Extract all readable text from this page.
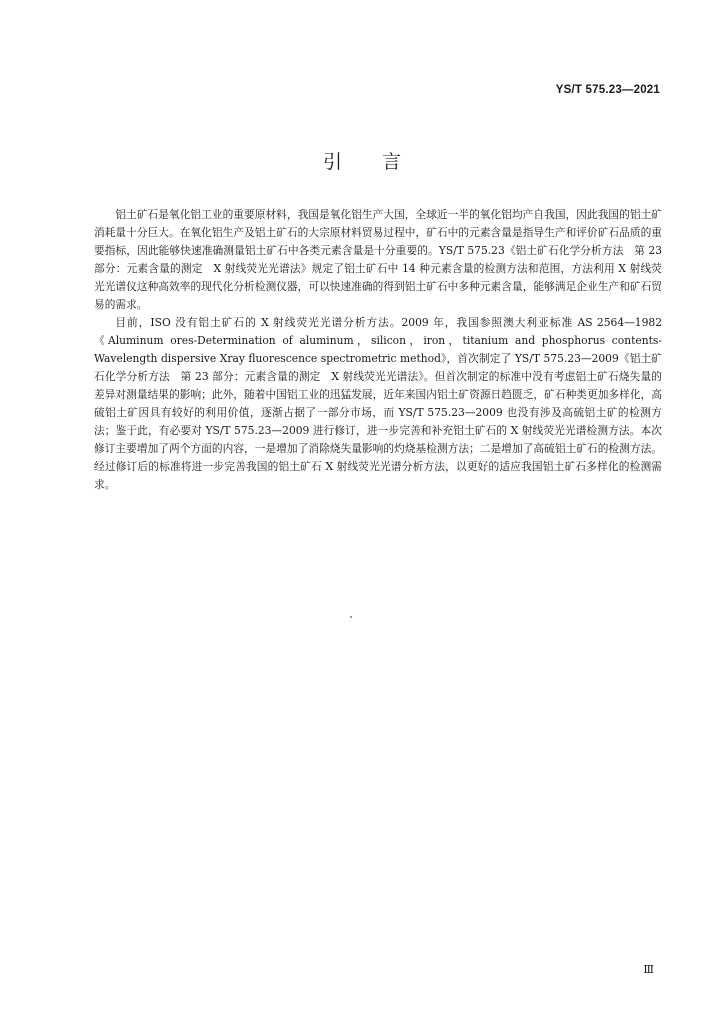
YS/T 575.23—2021
引言

铝土矿石是氧化铝工业的重要原材料，我国是氧化铝生产大国，全球近一半的氧化铝均产自我国，因此我国的铝土矿消耗量十分巨大。在氧化铝生产及铝土矿石的大宗原材料贸易过程中，矿石中的元素含量是指导生产和评价矿石品质的重要指标，因此能够快速准确测量铝土矿石中各类元素含量是十分重要的。YS/T 575.23《铝土矿石化学分析方法　第 23 部分：元素含量的测定　X 射线荧光光谱法》规定了铝土矿石中 14 种元素含量的检测方法和范围，方法利用 X 射线荧光光谱仪这种高效率的现代化分析检测仪器，可以快速准确的得到铝土矿石中多种元素含量，能够满足企业生产和矿石贸易的需求。

目前，ISO 没有铝土矿石的 X 射线荧光光谱分析方法。2009 年，我国参照澳大利亚标准 AS 2564—1982《Aluminum ores-Determination of aluminum，silicon，iron，titanium and phosphorus contents-Wavelength dispersive Xray fluorescence spectrometric method》，首次制定了 YS/T 575.23—2009《铝土矿石化学分析方法　第 23 部分：元素含量的测定　X 射线荧光光谱法》。但首次制定的标准中没有考虑铝土矿石烧失量的差异对测量结果的影响；此外，随着中国铝工业的迅猛发展，近年来国内铝土矿资源日趋匮乏，矿石种类更加多样化，高硫铝土矿因具有较好的利用价值，逐渐占据了一部分市场，而 YS/T 575.23—2009 也没有涉及高硫铝土矿的检测方法；鉴于此，有必要对 YS/T 575.23—2009 进行修订，进一步完善和补充铝土矿石的 X 射线荧光光谱检测方法。本次修订主要增加了两个方面的内容，一是增加了消除烧失量影响的灼烧基检测方法；二是增加了高硫铝土矿石的检测方法。经过修订后的标准将进一步完善我国的铝土矿石 X 射线荧光光谱分析方法，以更好的适应我国铝土矿石多样化的检测需求。

Ⅲ
